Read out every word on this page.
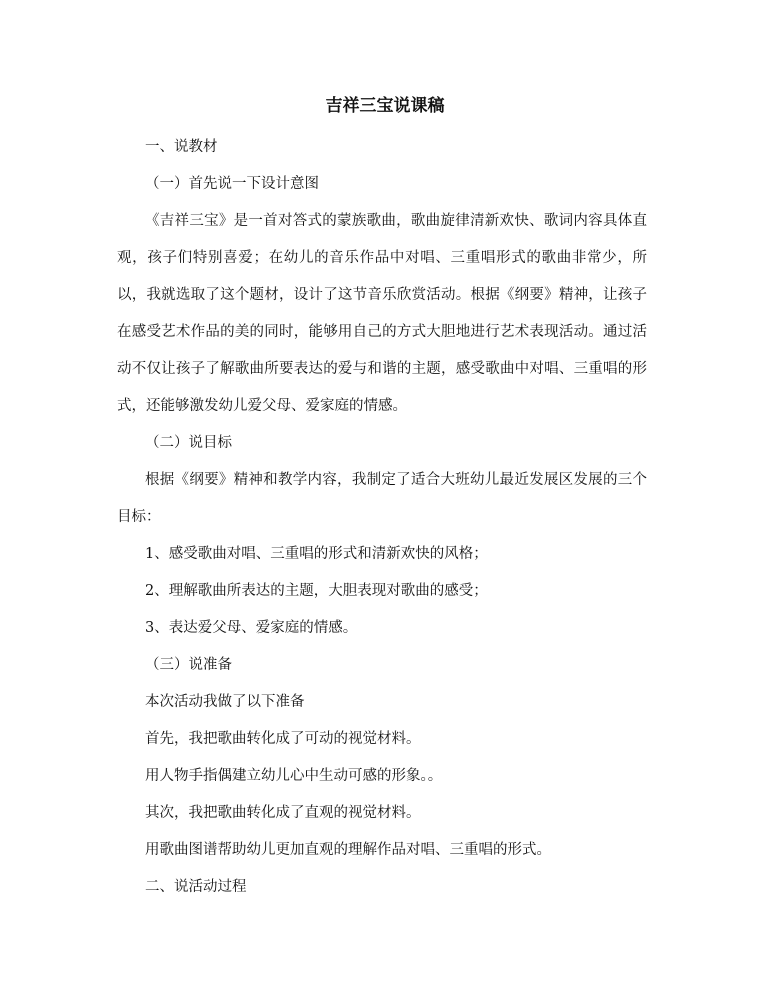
吉祥三宝说课稿

一、说教材

（一）首先说一下设计意图

《吉祥三宝》是一首对答式的蒙族歌曲，歌曲旋律清新欢快、歌词内容具体直观，孩子们特别喜爱；在幼儿的音乐作品中对唱、三重唱形式的歌曲非常少，所以，我就选取了这个题材，设计了这节音乐欣赏活动。根据《纲要》精神，让孩子在感受艺术作品的美的同时，能够用自己的方式大胆地进行艺术表现活动。通过活动不仅让孩子了解歌曲所要表达的爱与和谐的主题，感受歌曲中对唱、三重唱的形式，还能够激发幼儿爱父母、爱家庭的情感。

（二）说目标

根据《纲要》精神和教学内容，我制定了适合大班幼儿最近发展区发展的三个目标：

1、感受歌曲对唱、三重唱的形式和清新欢快的风格；

2、理解歌曲所表达的主题，大胆表现对歌曲的感受；

3、表达爱父母、爱家庭的情感。

（三）说准备

本次活动我做了以下准备

首先，我把歌曲转化成了可动的视觉材料。

用人物手指偶建立幼儿心中生动可感的形象。。

其次，我把歌曲转化成了直观的视觉材料。

用歌曲图谱帮助幼儿更加直观的理解作品对唱、三重唱的形式。

二、说活动过程
